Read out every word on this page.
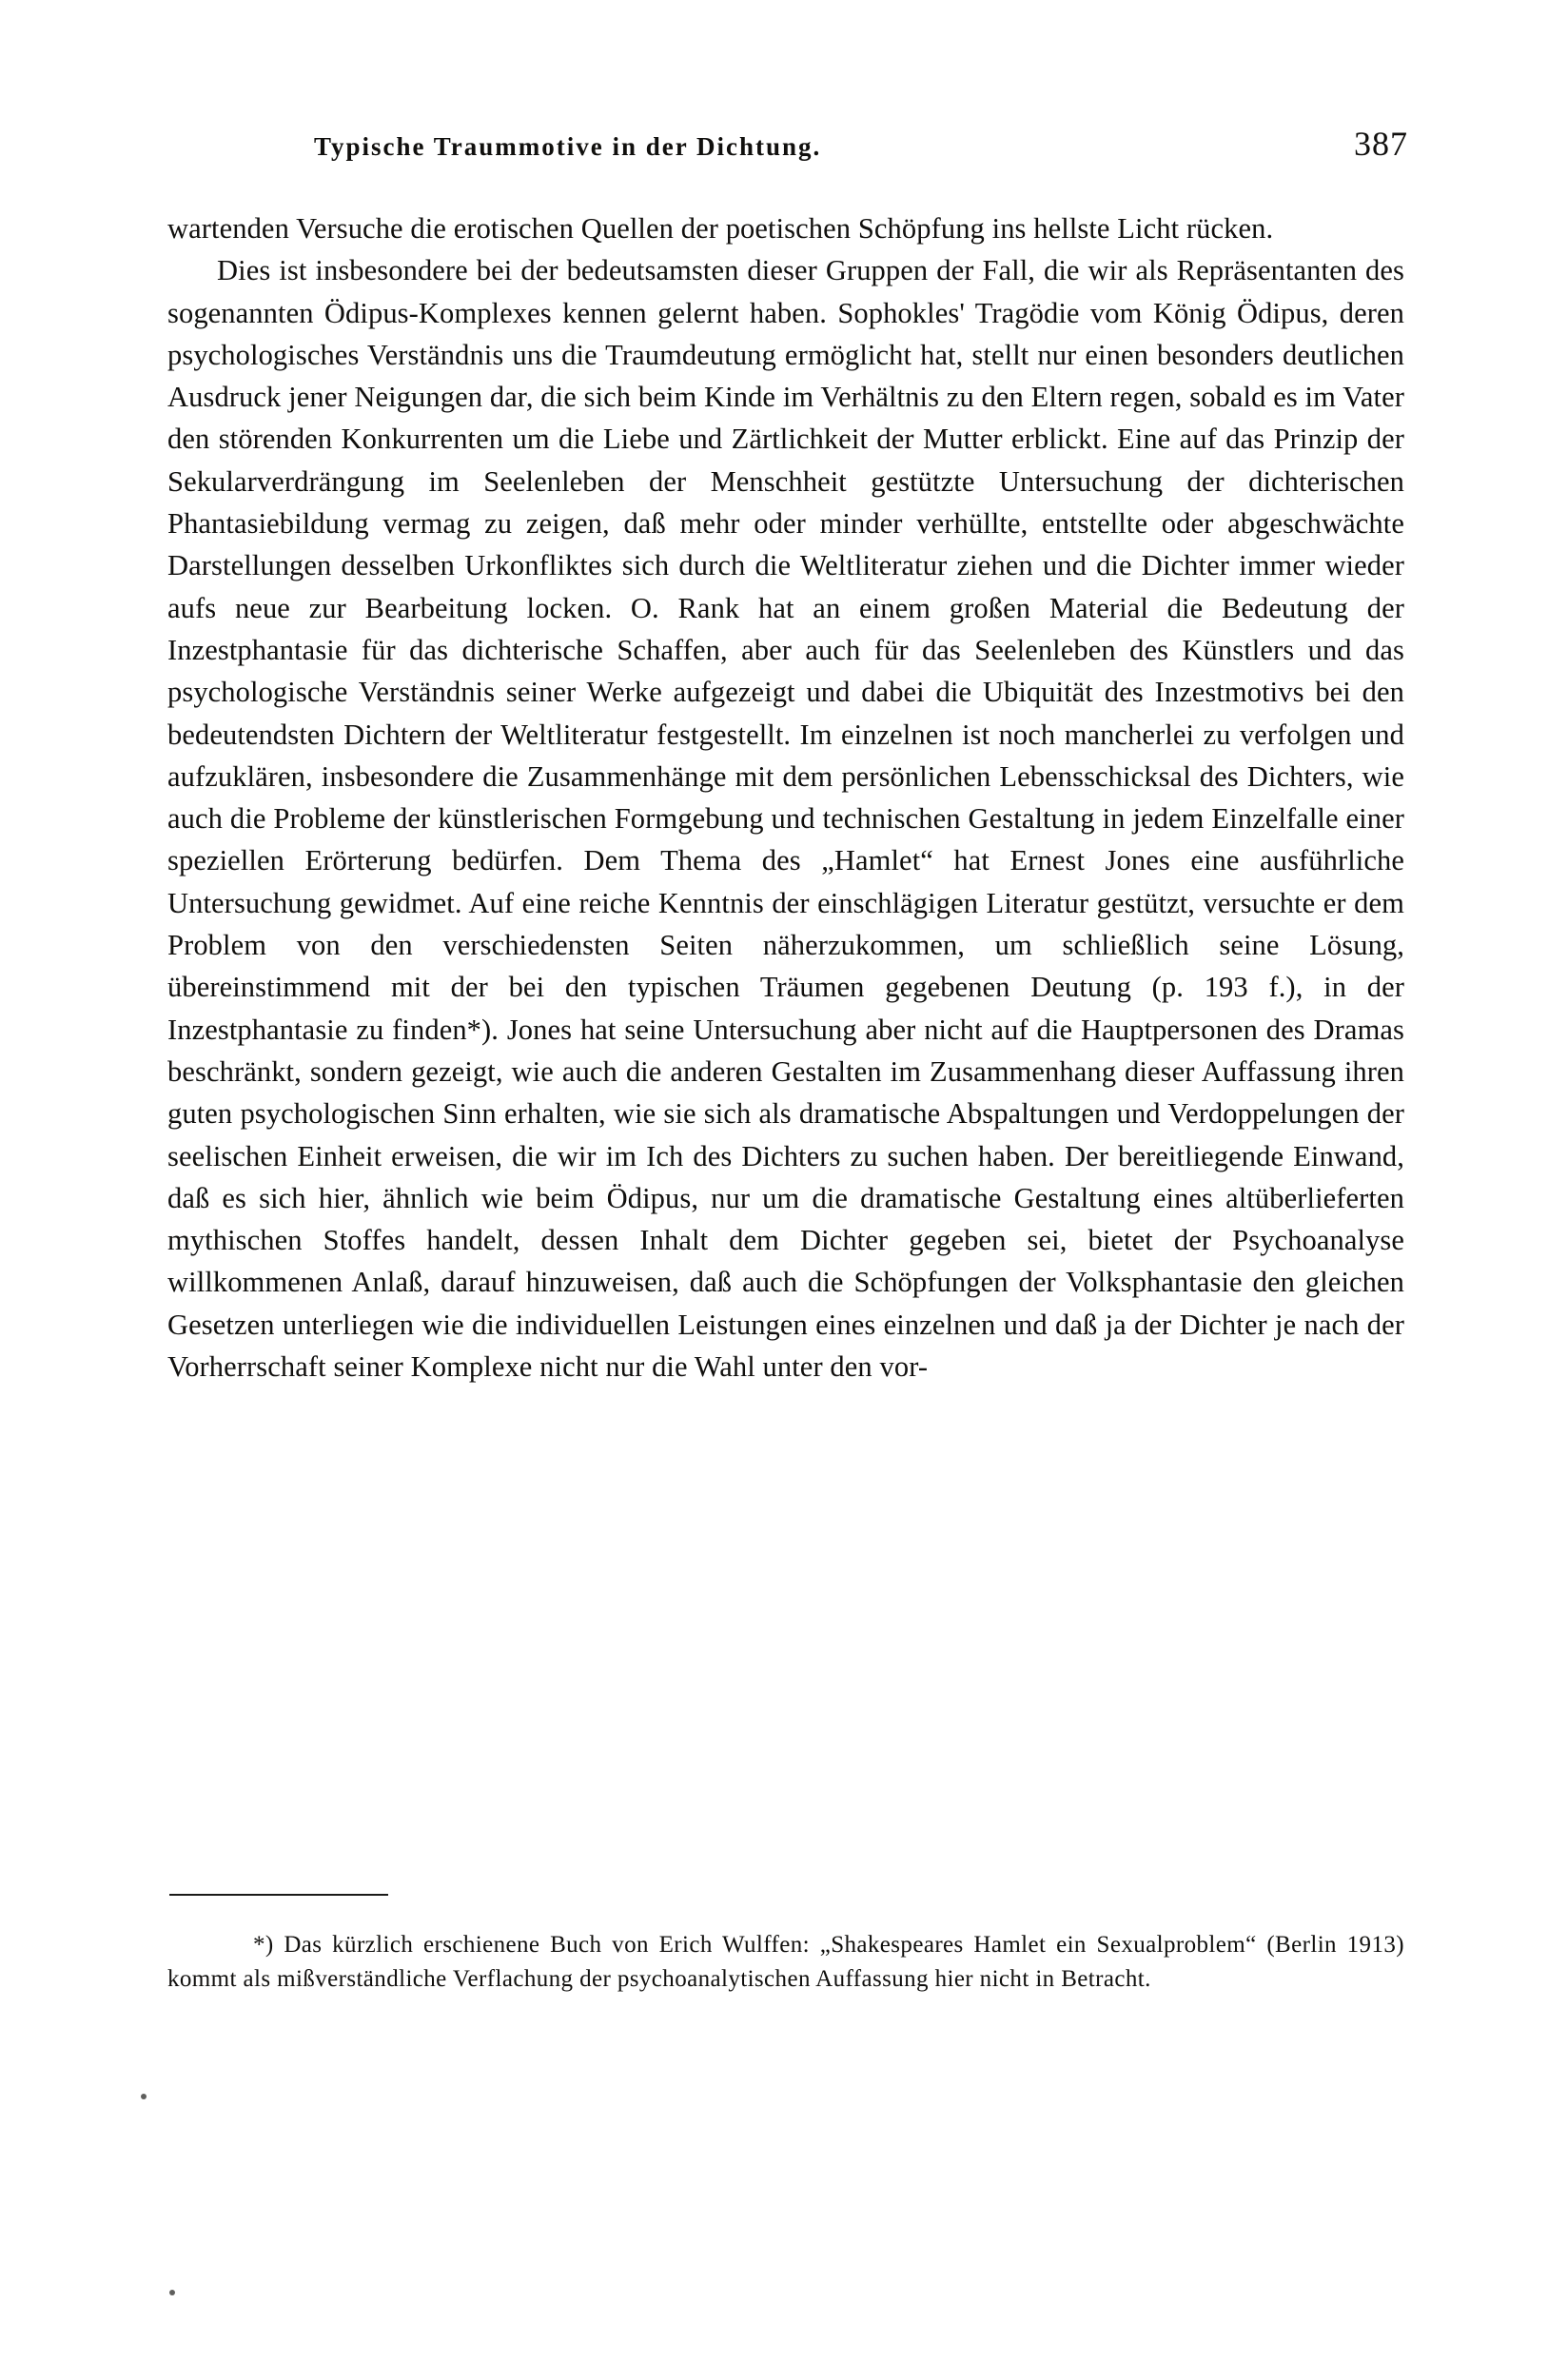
Typische Traummotive in der Dichtung.	387

wartenden Versuche die erotischen Quellen der poetischen Schöpfung ins hellste Licht rücken.

Dies ist insbesondere bei der bedeutsamsten dieser Gruppen der Fall, die wir als Repräsentanten des sogenannten Ödipus-Komplexes kennen gelernt haben. Sophokles' Tragödie vom König Ödipus, deren psychologisches Verständnis uns die Traumdeutung ermöglicht hat, stellt nur einen besonders deutlichen Ausdruck jener Neigungen dar, die sich beim Kinde im Verhältnis zu den Eltern regen, sobald es im Vater den störenden Konkurrenten um die Liebe und Zärtlichkeit der Mutter erblickt. Eine auf das Prinzip der Sekularverdrängung im Seelenleben der Menschheit gestützte Untersuchung der dichterischen Phantasiebildung vermag zu zeigen, daß mehr oder minder verhüllte, entstellte oder abgeschwächte Darstellungen desselben Urkonfliktes sich durch die Weltliteratur ziehen und die Dichter immer wieder aufs neue zur Bearbeitung locken. O. Rank hat an einem großen Material die Bedeutung der Inzestphantasie für das dichterische Schaffen, aber auch für das Seelenleben des Künstlers und das psychologische Verständnis seiner Werke aufgezeigt und dabei die Ubiquität des Inzestmotivs bei den bedeutendsten Dichtern der Weltliteratur festgestellt. Im einzelnen ist noch mancherlei zu verfolgen und aufzuklären, insbesondere die Zusammenhänge mit dem persönlichen Lebensschicksal des Dichters, wie auch die Probleme der künstlerischen Formgebung und technischen Gestaltung in jedem Einzelfalle einer speziellen Erörterung bedürfen. Dem Thema des „Hamlet“ hat Ernest Jones eine ausführliche Untersuchung gewidmet. Auf eine reiche Kenntnis der einschlägigen Literatur gestützt, versuchte er dem Problem von den verschiedensten Seiten näherzukommen, um schließlich seine Lösung, übereinstimmend mit der bei den typischen Träumen gegebenen Deutung (p. 193 f.), in der Inzestphantasie zu finden*). Jones hat seine Untersuchung aber nicht auf die Hauptpersonen des Dramas beschränkt, sondern gezeigt, wie auch die anderen Gestalten im Zusammenhang dieser Auffassung ihren guten psychologischen Sinn erhalten, wie sie sich als dramatische Abspaltungen und Verdoppelungen der seelischen Einheit erweisen, die wir im Ich des Dichters zu suchen haben. Der bereitliegende Einwand, daß es sich hier, ähnlich wie beim Ödipus, nur um die dramatische Gestaltung eines altüberlieferten mythischen Stoffes handelt, dessen Inhalt dem Dichter gegeben sei, bietet der Psychoanalyse willkommenen Anlaß, darauf hinzuweisen, daß auch die Schöpfungen der Volksphantasie den gleichen Gesetzen unterliegen wie die individuellen Leistungen eines einzelnen und daß ja der Dichter je nach der Vorherrschaft seiner Komplexe nicht nur die Wahl unter den vor-

*) Das kürzlich erschienene Buch von Erich Wulffen: „Shakespeares Hamlet ein Sexualproblem“ (Berlin 1913) kommt als mißverständliche Verflachung der psychoanalytischen Auffassung hier nicht in Betracht.
